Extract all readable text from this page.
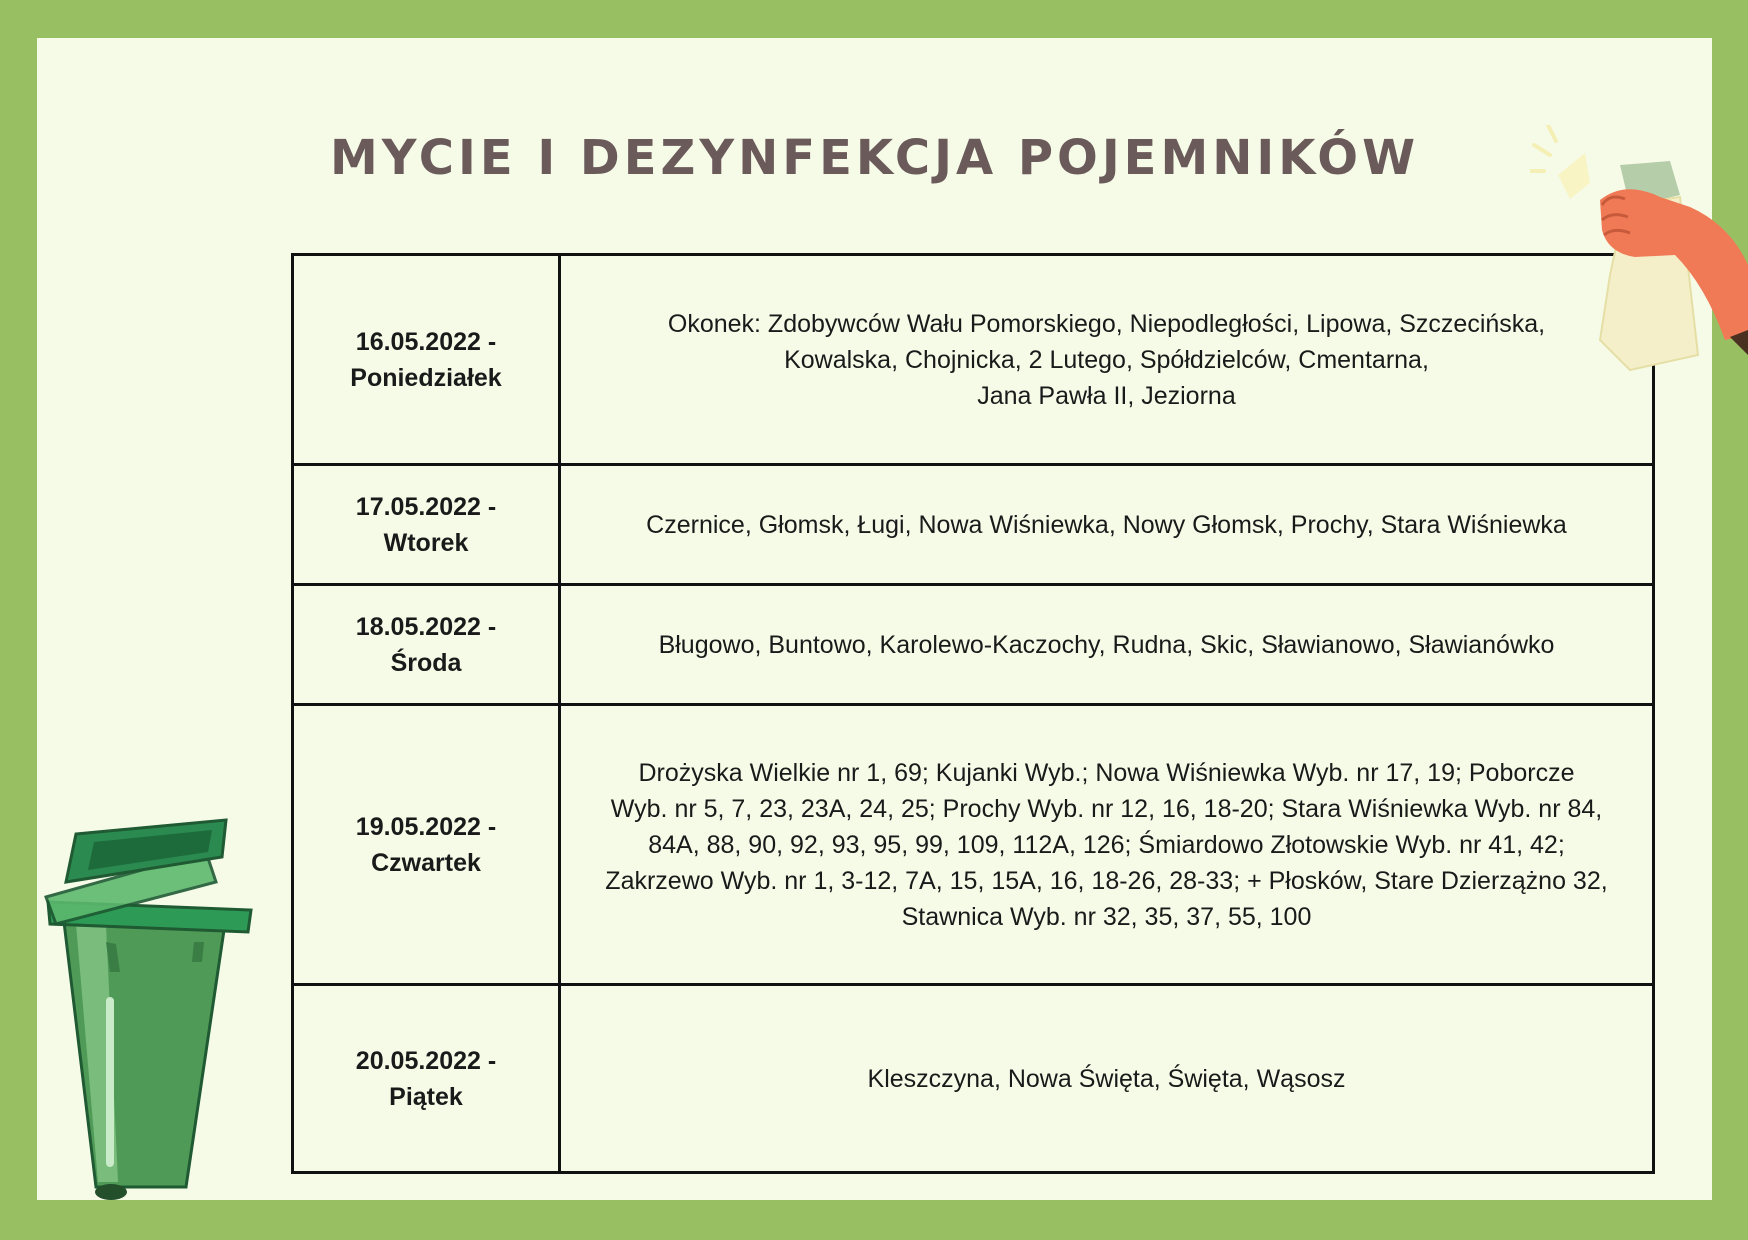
MYCIE I DEZYNFEKCJA POJEMNIKÓW
16.05.2022 -
Poniedziałek	Okonek: Zdobywców Wału Pomorskiego, Niepodległości, Lipowa, Szczecińska,
Kowalska, Chojnicka, 2 Lutego, Spółdzielców, Cmentarna,
Jana Pawła II, Jeziorna

17.05.2022 -
Wtorek	Czernice, Głomsk, Ługi, Nowa Wiśniewka, Nowy Głomsk, Prochy, Stara Wiśniewka

18.05.2022 -
Środa	Bługowo, Buntowo, Karolewo-Kaczochy, Rudna, Skic, Sławianowo, Sławianówko

19.05.2022 -
Czwartek	Drożyska Wielkie nr 1, 69; Kujanki Wyb.; Nowa Wiśniewka Wyb. nr 17, 19; Poborcze
Wyb. nr 5, 7, 23, 23A, 24, 25; Prochy Wyb. nr 12, 16, 18-20; Stara Wiśniewka Wyb. nr 84,
84A, 88, 90, 92, 93, 95, 99, 109, 112A, 126; Śmiardowo Złotowskie Wyb. nr 41, 42;
Zakrzewo Wyb. nr 1, 3-12, 7A, 15, 15A, 16, 18-26, 28-33; + Płosków, Stare Dzierzążno 32,
Stawnica Wyb. nr 32, 35, 37, 55, 100

20.05.2022 -
Piątek	Kleszczyna, Nowa Święta, Święta, Wąsosz
